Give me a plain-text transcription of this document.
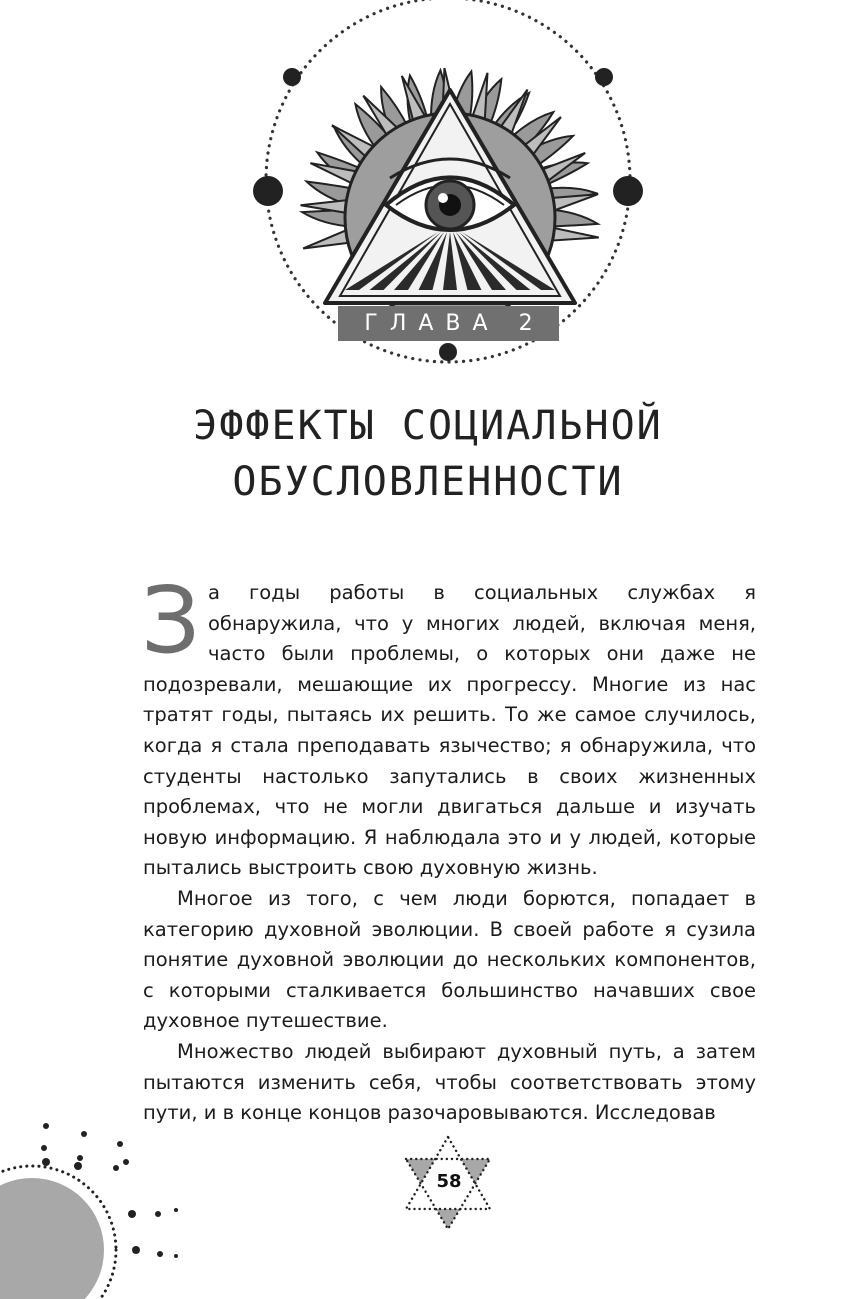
ГЛАВА 2
ЭФФЕКТЫ СОЦИАЛЬНОЙ
ОБУСЛОВЛЕННОСТИ

За годы работы в социальных службах я обнаружила, что у многих людей, включая меня, часто были проблемы, о которых они даже не подозревали, мешающие их прогрессу. Многие из нас тратят годы, пытаясь их решить. То же самое случилось, когда я стала преподавать язычество; я обнаружила, что студенты настолько запутались в своих жизненных проблемах, что не могли двигаться дальше и изучать новую информацию. Я наблюдала это и у людей, которые пытались выстроить свою духовную жизнь.

Многое из того, с чем люди борются, попадает в категорию духовной эволюции. В своей работе я сузила понятие духовной эволюции до нескольких компонентов, с которыми сталкивается большинство начавших свое духовное путешествие.

Множество людей выбирают духовный путь, а затем пытаются изменить себя, чтобы соответствовать этому пути, и в конце концов разочаровываются. Исследовав

58
